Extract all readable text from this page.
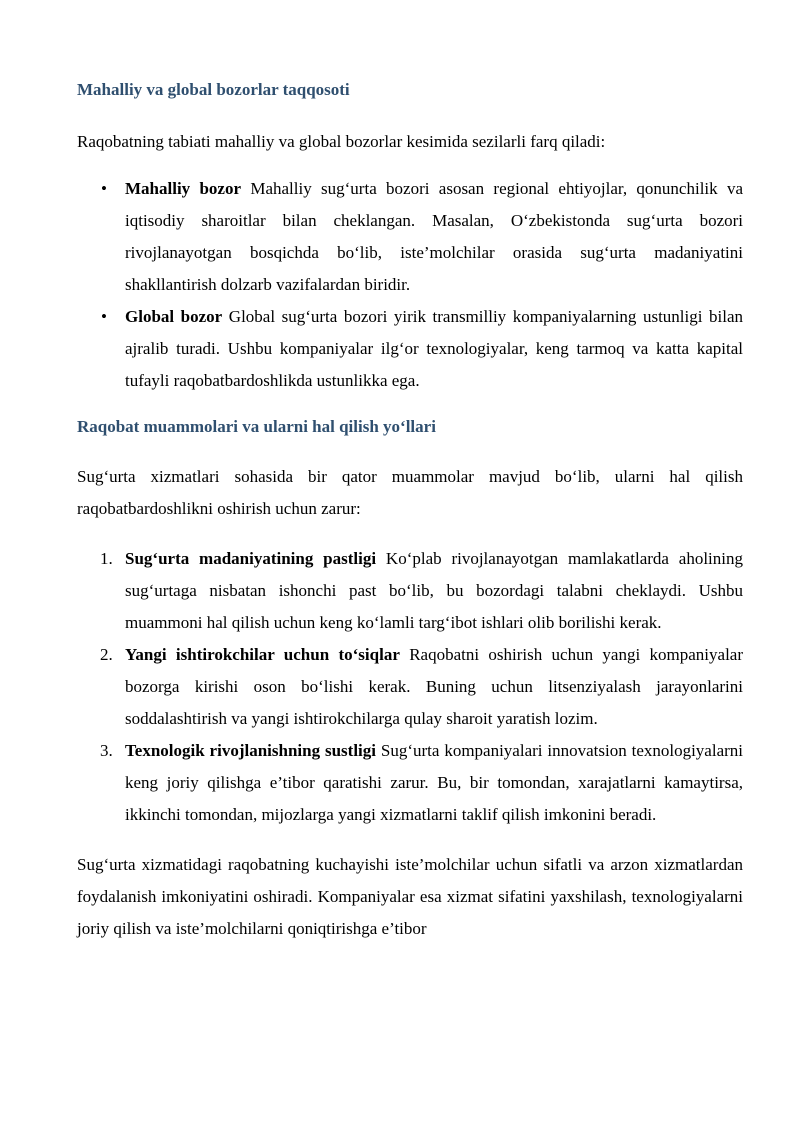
Mahalliy va global bozorlar taqqosoti

Raqobatning tabiati mahalliy va global bozorlar kesimida sezilarli farq qiladi:

• Mahalliy bozor Mahalliy sug‘urta bozori asosan regional ehtiyojlar, qonunchilik va iqtisodiy sharoitlar bilan cheklangan. Masalan, O‘zbekistonda sug‘urta bozori rivojlanayotgan bosqichda bo‘lib, iste’molchilar orasida sug‘urta madaniyatini shakllantirish dolzarb vazifalardan biridir.
• Global bozor Global sug‘urta bozori yirik transmilliy kompaniyalarning ustunligi bilan ajralib turadi. Ushbu kompaniyalar ilg‘or texnologiyalar, keng tarmoq va katta kapital tufayli raqobatbardoshlikda ustunlikka ega.
Raqobat muammolari va ularni hal qilish yo‘llari

Sug‘urta xizmatlari sohasida bir qator muammolar mavjud bo‘lib, ularni hal qilish raqobatbardoshlikni oshirish uchun zarur:

1. Sug‘urta madaniyatining pastligi Ko‘plab rivojlanayotgan mamlakatlarda aholining sug‘urtaga nisbatan ishonchi past bo‘lib, bu bozordagi talabni cheklaydi. Ushbu muammoni hal qilish uchun keng ko‘lamli targ‘ibot ishlari olib borilishi kerak.
2. Yangi ishtirokchilar uchun to‘siqlar Raqobatni oshirish uchun yangi kompaniyalar bozorga kirishi oson bo‘lishi kerak. Buning uchun litsenziyalash jarayonlarini soddalashtirish va yangi ishtirokchilarga qulay sharoit yaratish lozim.
3. Texnologik rivojlanishning sustligi Sug‘urta kompaniyalari innovatsion texnologiyalarni keng joriy qilishga e’tibor qaratishi zarur. Bu, bir tomondan, xarajatlarni kamaytirsa, ikkinchi tomondan, mijozlarga yangi xizmatlarni taklif qilish imkonini beradi.

Sug‘urta xizmatidagi raqobatning kuchayishi iste’molchilar uchun sifatli va arzon xizmatlardan foydalanish imkoniyatini oshiradi. Kompaniyalar esa xizmat sifatini yaxshilash, texnologiyalarni joriy qilish va iste’molchilarni qoniqtirishga e’tibor
